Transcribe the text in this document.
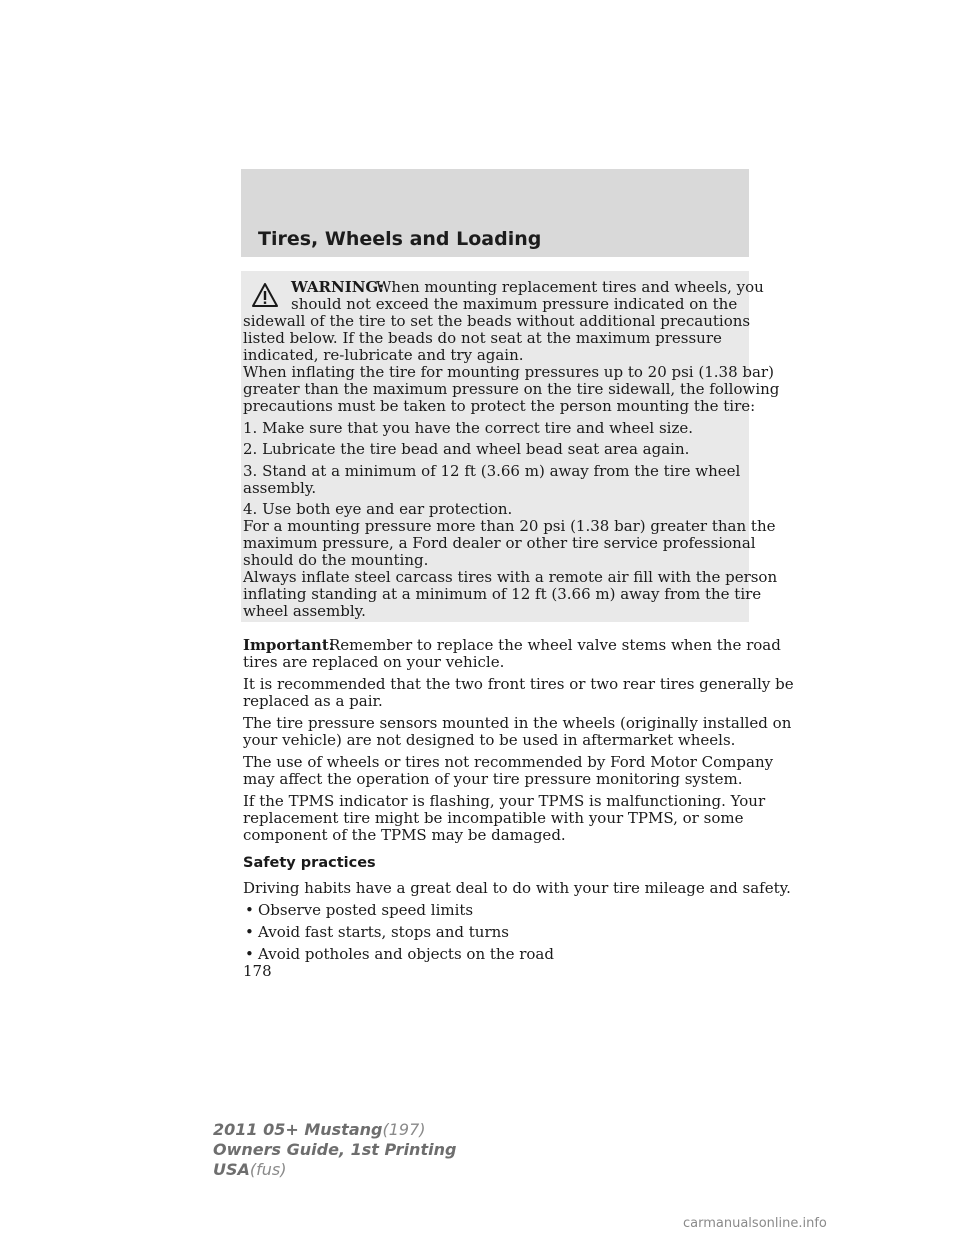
Tires, Wheels and Loading
WARNING:
When mounting replacement tires and wheels, you
should not exceed the maximum pressure indicated on the
sidewall of the tire to set the beads without additional precautions
listed below. If the beads do not seat at the maximum pressure
indicated, re-lubricate and try again.
When inflating the tire for mounting pressures up to 20 psi (1.38 bar)
greater than the maximum pressure on the tire sidewall, the following
precautions must be taken to protect the person mounting the tire:
1. Make sure that you have the correct tire and wheel size.
2. Lubricate the tire bead and wheel bead seat area again.
3. Stand at a minimum of 12 ft (3.66 m) away from the tire wheel
assembly.
4. Use both eye and ear protection.
For a mounting pressure more than 20 psi (1.38 bar) greater than the
maximum pressure, a Ford dealer or other tire service professional
should do the mounting.
Always inflate steel carcass tires with a remote air fill with the person
inflating standing at a minimum of 12 ft (3.66 m) away from the tire
wheel assembly.
Important:
Remember to replace the wheel valve stems when the road
tires are replaced on your vehicle.
It is recommended that the two front tires or two rear tires generally be
replaced as a pair.
The tire pressure sensors mounted in the wheels (originally installed on
your vehicle) are not designed to be used in aftermarket wheels.
The use of wheels or tires not recommended by Ford Motor Company
may affect the operation of your tire pressure monitoring system.
If the TPMS indicator is flashing, your TPMS is malfunctioning. Your
replacement tire might be incompatible with your TPMS, or some
component of the TPMS may be damaged.
Safety practices
Driving habits have a great deal to do with your tire mileage and safety.
• Observe posted speed limits
• Avoid fast starts, stops and turns
• Avoid potholes and objects on the road
178
2011 05+ Mustang(197)
Owners Guide, 1st Printing
USA(fus)
carmanualsonline.info
